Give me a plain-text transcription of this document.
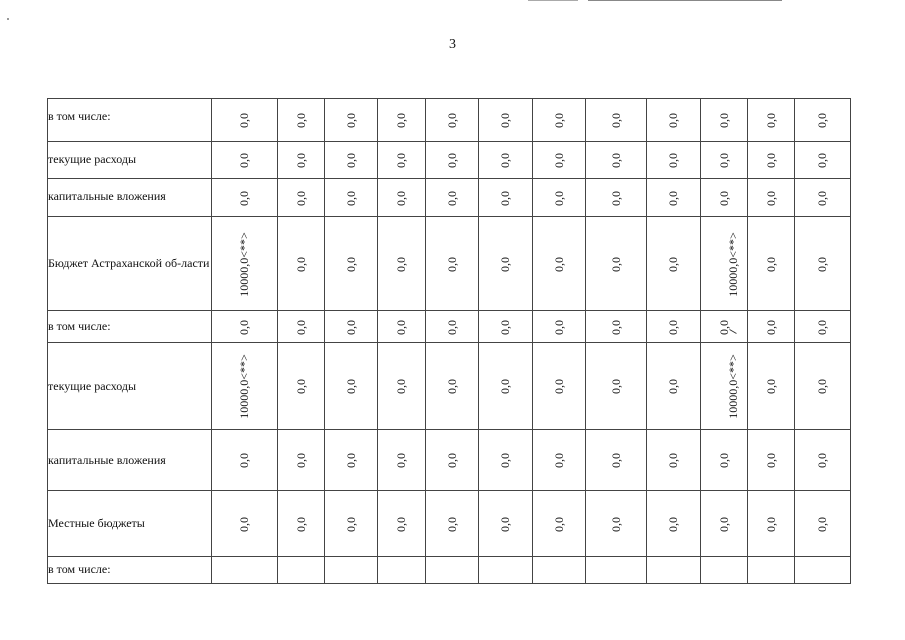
3
в том числе:	0,0	0,0	0,0	0,0	0,0	0,0	0,0	0,0	0,0	0,0	0,0	0,0
текущие расходы	0,0	0,0	0,0	0,0	0,0	0,0	0,0	0,0	0,0	0,0	0,0	0,0
капитальные вложения	0,0	0,0	0,0	0,0	0,0	0,0	0,0	0,0	0,0	0,0	0,0	0,0
Бюджет Астраханской об-ласти	10000,0<**>	0,0	0,0	0,0	0,0	0,0	0,0	0,0	0,0	10000,0<**>	0,0	0,0
в том числе:	0,0	0,0	0,0	0,0	0,0	0,0	0,0	0,0	0,0	0,0	0,0	0,0
текущие расходы	10000,0<**>	0,0	0,0	0,0	0,0	0,0	0,0	0,0	0,0	10000,0<**>	0,0	0,0
капитальные вложения	0,0	0,0	0,0	0,0	0,0	0,0	0,0	0,0	0,0	0,0	0,0	0,0
Местные бюджеты	0,0	0,0	0,0	0,0	0,0	0,0	0,0	0,0	0,0	0,0	0,0	0,0
в том числе:												
